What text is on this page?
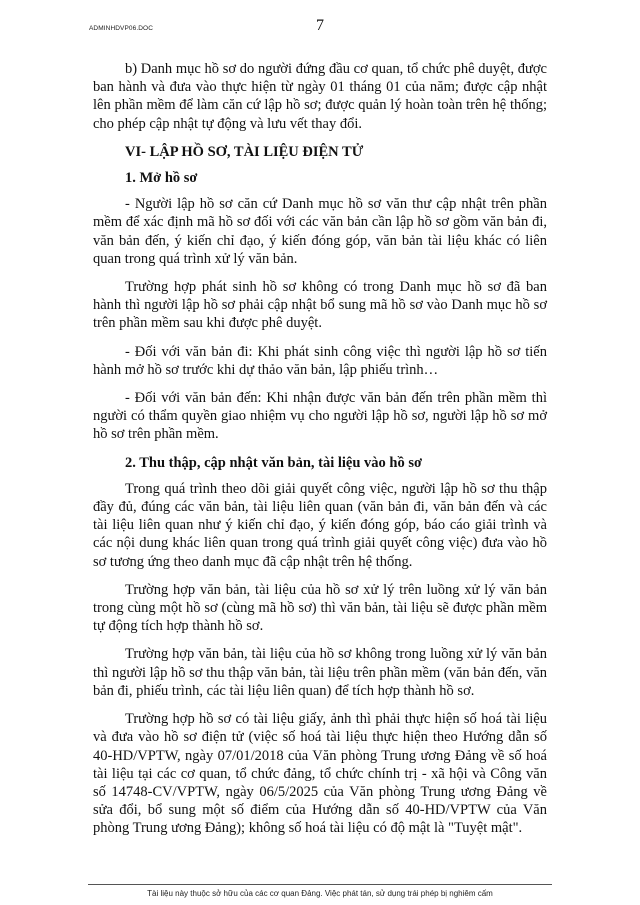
ADMINHDVP06.DOC	7

b) Danh mục hồ sơ do người đứng đầu cơ quan, tổ chức phê duyệt, được ban hành và đưa vào thực hiện từ ngày 01 tháng 01 của năm; được cập nhật lên phần mềm để làm căn cứ lập hồ sơ; được quản lý hoàn toàn trên hệ thống; cho phép cập nhật tự động và lưu vết thay đổi.

VI- LẬP HỒ SƠ, TÀI LIỆU ĐIỆN TỬ
1. Mở hồ sơ

- Người lập hồ sơ căn cứ Danh mục hồ sơ văn thư cập nhật trên phần mềm để xác định mã hồ sơ đối với các văn bản cần lập hồ sơ gồm văn bản đi, văn bản đến, ý kiến chỉ đạo, ý kiến đóng góp, văn bản tài liệu khác có liên quan trong quá trình xử lý văn bản.

Trường hợp phát sinh hồ sơ không có trong Danh mục hồ sơ đã ban hành thì người lập hồ sơ phải cập nhật bổ sung mã hồ sơ vào Danh mục hồ sơ trên phần mềm sau khi được phê duyệt.

- Đối với văn bản đi: Khi phát sinh công việc thì người lập hồ sơ tiến hành mở hồ sơ trước khi dự thảo văn bản, lập phiếu trình…

- Đối với văn bản đến: Khi nhận được văn bản đến trên phần mềm thì người có thẩm quyền giao nhiệm vụ cho người lập hồ sơ, người lập hồ sơ mở hồ sơ trên phần mềm.

2. Thu thập, cập nhật văn bản, tài liệu vào hồ sơ

Trong quá trình theo dõi giải quyết công việc, người lập hồ sơ thu thập đầy đủ, đúng các văn bản, tài liệu liên quan (văn bản đi, văn bản đến và các tài liệu liên quan như ý kiến chỉ đạo, ý kiến đóng góp, báo cáo giải trình và các nội dung khác liên quan trong quá trình giải quyết công việc) đưa vào hồ sơ tương ứng theo danh mục đã cập nhật trên hệ thống.

Trường hợp văn bản, tài liệu của hồ sơ xử lý trên luồng xử lý văn bản trong cùng một hồ sơ (cùng mã hồ sơ) thì văn bản, tài liệu sẽ được phần mềm tự động tích hợp thành hồ sơ.

Trường hợp văn bản, tài liệu của hồ sơ không trong luồng xử lý văn bản thì người lập hồ sơ thu thập văn bản, tài liệu trên phần mềm (văn bản đến, văn bản đi, phiếu trình, các tài liệu liên quan) để tích hợp thành hồ sơ.

Trường hợp hồ sơ có tài liệu giấy, ảnh thì phải thực hiện số hoá tài liệu và đưa vào hồ sơ điện tử (việc số hoá tài liệu thực hiện theo Hướng dẫn số 40-HD/VPTW, ngày 07/01/2018 của Văn phòng Trung ương Đảng về số hoá tài liệu tại các cơ quan, tổ chức đảng, tổ chức chính trị - xã hội và Công văn số 14748-CV/VPTW, ngày 06/5/2025 của Văn phòng Trung ương Đảng về sửa đổi, bổ sung một số điểm của Hướng dẫn số 40-HD/VPTW của Văn phòng Trung ương Đảng); không số hoá tài liệu có độ mật là "Tuyệt mật".

Tài liệu này thuộc sở hữu của các cơ quan Đảng. Việc phát tán, sử dụng trái phép bị nghiêm cấm
